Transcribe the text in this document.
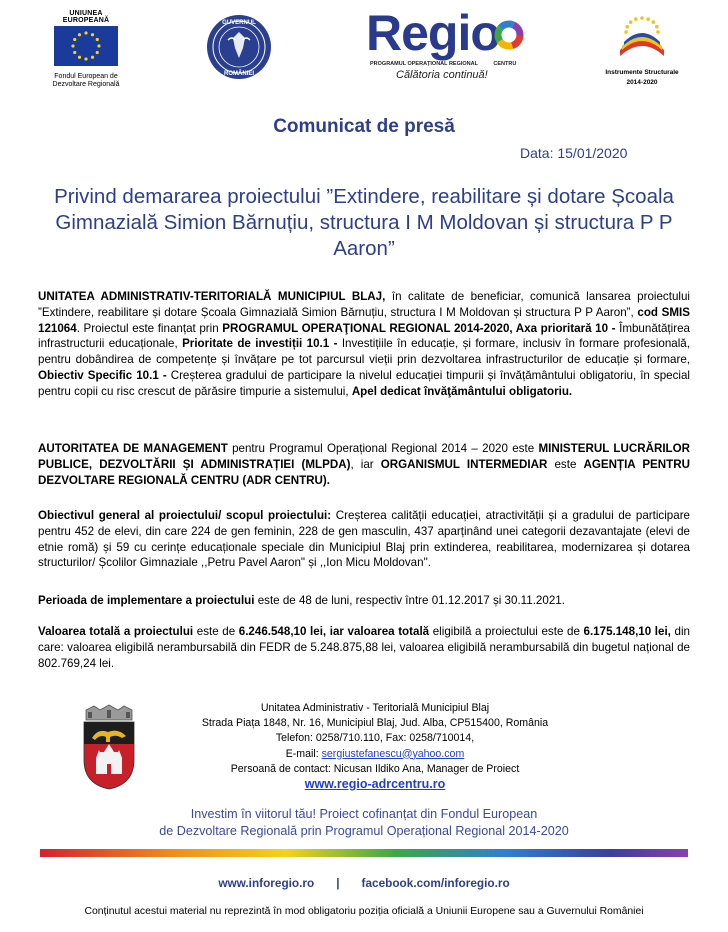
UNIUNEA EUROPEANĂ
Fondul European de
Dezvoltare Regională
GUVERNUL
ROMÂNIEI
Regio
PROGRAMUL OPERAȚIONAL REGIONAL	CENTRU
Călătoria continuă!	Instrumente Structurale
2014-2020
Comunicat de presă
Data: 15/01/2020
Privind demararea proiectului ”Extindere, reabilitare și dotare Școala Gimnazială Simion Bărnuțiu, structura I M Moldovan și structura P P Aaron”
UNITATEA ADMINISTRATIV-TERITORIALĂ MUNICIPIUL BLAJ, în calitate de beneficiar, comunică lansarea proiectului ”Extindere, reabilitare și dotare Școala Gimnazială Simion Bărnuțiu, structura I M Moldovan și structura P P Aaron”, cod SMIS 121064. Proiectul este finanțat prin PROGRAMUL OPERAŢIONAL REGIONAL 2014-2020, Axa prioritară 10 - Îmbunătățirea infrastructurii educaționale, Prioritate de investiții 10.1 - Investițiile în educație, și formare, inclusiv în formare profesională, pentru dobândirea de competențe și învățare pe tot parcursul vieții prin dezvoltarea infrastructurilor de educație și formare, Obiectiv Specific 10.1 - Creșterea gradului de participare la nivelul educației timpurii și învățământului obligatoriu, în special pentru copii cu risc crescut de părăsire timpurie a sistemului, Apel dedicat învăţământului obligatoriu.
AUTORITATEA DE MANAGEMENT pentru Programul Operațional Regional 2014 – 2020 este MINISTERUL LUCRĂRILOR PUBLICE, DEZVOLTĂRII ȘI ADMINISTRAȚIEI (MLPDA), iar ORGANISMUL INTERMEDIAR este AGENȚIA PENTRU DEZVOLTARE REGIONALĂ CENTRU (ADR CENTRU).
Obiectivul general al proiectului/ scopul proiectului: Creșterea calității educației, atractivității și a gradului de participare pentru 452 de elevi, din care 224 de gen feminin, 228 de gen masculin, 437 aparținând unei categorii dezavantajate (elevi de etnie romă) și 59 cu cerințe educaționale speciale din Municipiul Blaj prin extinderea, reabilitarea, modernizarea și dotarea structurilor/ Școlilor Gimnaziale ,,Petru Pavel Aaron" și ,,Ion Micu Moldovan".
Perioada de implementare a proiectului este de 48 de luni, respectiv între 01.12.2017 și 30.11.2021.
Valoarea totală a proiectului este de 6.246.548,10 lei, iar valoarea totală eligibilă a proiectului este de 6.175.148,10 lei, din care: valoarea eligibilă nerambursabilă din FEDR de 5.248.875,88 lei, valoarea eligibilă nerambursabilă din bugetul național de 802.769,24 lei.
Unitatea Administrativ - Teritorială Municipiul Blaj
Strada Piața 1848, Nr. 16, Municipiul Blaj, Jud. Alba, CP515400, România
Telefon: 0258/710.110, Fax: 0258/710014,
E-mail: sergiustefanescu@yahoo.com
Persoană de contact: Nicusan Ildiko Ana, Manager de Proiect
www.regio-adrcentru.ro
Investim în viitorul tău! Proiect cofinanțat din Fondul European
de Dezvoltare Regională prin Programul Operațional Regional 2014-2020
www.inforegio.ro | facebook.com/inforegio.ro
Conținutul acestui material nu reprezintă în mod obligatoriu poziția oficială a Uniunii Europene sau a Guvernului României
